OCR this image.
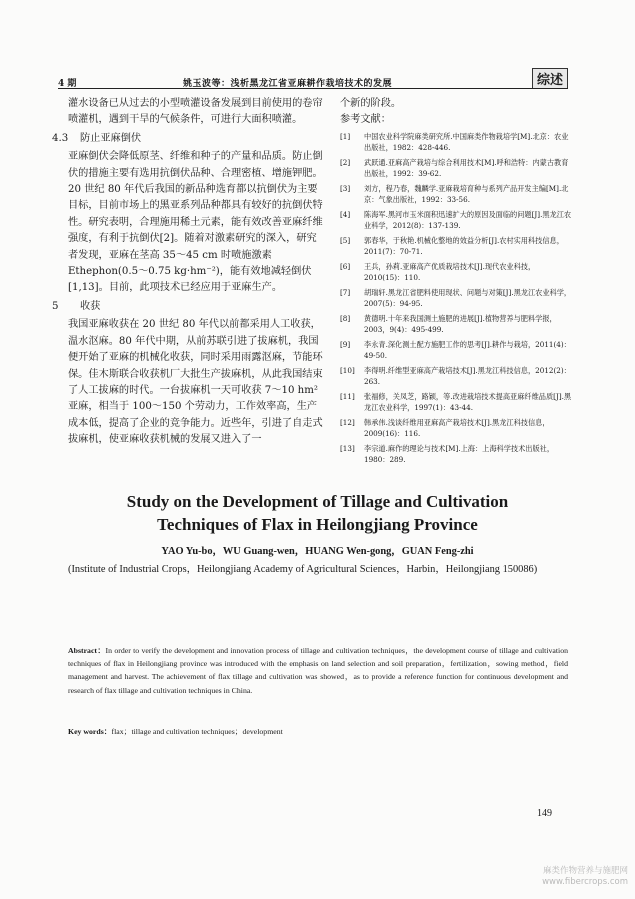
4 期	姚玉波等：浅析黑龙江省亚麻耕作栽培技术的发展	综述

灌水设备已从过去的小型喷灌设备发展到目前使用的卷帘喷灌机，遇到干旱的气候条件，可进行大面积喷灌。

4.3 防止亚麻倒伏

亚麻倒伏会降低原茎、纤维和种子的产量和品质。防止倒伏的措施主要有选用抗倒伏品种、合理密植、增施钾肥。20 世纪 80 年代后我国的新品种选育都以抗倒伏为主要目标，目前市场上的黑亚系列品种都具有较好的抗倒伏特性。研究表明，合理施用稀土元素，能有效改善亚麻纤维强度，有利于抗倒伏[2]。随着对激素研究的深入，研究者发现，亚麻在茎高 35～45 cm 时喷施激素 Ethephon(0.5～0.75 kg·hm⁻²)，能有效地减轻倒伏[1,13]。目前，此项技术已经应用于亚麻生产。

5 收获

我国亚麻收获在 20 世纪 80 年代以前都采用人工收获，温水沤麻。80 年代中期，从前苏联引进了拔麻机，我国便开始了亚麻的机械化收获，同时采用雨露沤麻，节能环保。佳木斯联合收获机厂大批生产拔麻机，从此我国结束了人工拔麻的时代。一台拔麻机一天可收获 7～10 hm² 亚麻，相当于 100～150 个劳动力，工作效率高，生产成本低，提高了企业的竞争能力。近些年，引进了自走式拔麻机，使亚麻收获机械的发展又进入了一

个新的阶段。

参考文献：
[1]	中国农业科学院麻类研究所.中国麻类作物栽培学[M].北京：农业出版社，1982：428-446.
[2]	武跃通.亚麻高产栽培与综合利用技术[M].呼和浩特：内蒙古教育出版社，1992：39-62.
[3]	刘方，程乃春，魏麟学.亚麻栽培育种与系列产品开发主编[M].北京：气象出版社，1992：33-56.
[4]	陈海军.黑河市玉米面积迅速扩大的原因及面临的问题[J].黑龙江农业科学，2012(8)：137-139.
[5]	郭春华，于秋艳.机械化整地的效益分析[J].农村实用科技信息，2011(7)：70-71.
[6]	王兵，孙莉.亚麻高产优质栽培技术[J].现代农业科技，2010(15)：110.
[7]	胡瑞轩.黑龙江省肥料使用现状、问题与对策[J].黑龙江农业科学，2007(5)：94-95.
[8]	黄德明.十年来我国测土施肥的进展[J].植物营养与肥料学报，2003，9(4)：495-499.
[9]	李永青.深化测土配方施肥工作的思考[J].耕作与栽培，2011(4)：49-50.
[10]	李得明.纤维型亚麻高产栽培技术[J].黑龙江科技信息，2012(2)：263.
[11]	张福修，关凤芝，路颖，等.改进栽培技术提高亚麻纤维品质[J].黑龙江农业科学，1997(1)：43-44.
[12]	韩承伟.浅谈纤维用亚麻高产栽培技术[J].黑龙江科技信息，2009(16)：116.
[13]	李宗道.麻作的理论与技术[M].上海：上海科学技术出版社，1980：289.
Study on the Development of Tillage and Cultivation
Techniques of Flax in Heilongjiang Province
YAO Yu-bo，WU Guang-wen，HUANG Wen-gong，GUAN Feng-zhi
(Institute of Industrial Crops，Heilongjiang Academy of Agricultural Sciences，Harbin，Heilongjiang 150086)
Abstract：In order to verify the development and innovation process of tillage and cultivation techniques，the development course of tillage and cultivation techniques of flax in Heilongjiang province was introduced with the emphasis on land selection and soil preparation，fertilization，sowing method，field management and harvest. The achievement of flax tillage and cultivation was showed，as to provide a reference function for continuous development and research of flax tillage and cultivation techniques in China.
Key words：flax；tillage and cultivation techniques；development
149
麻类作物营养与施肥网
www.fibercrops.com
